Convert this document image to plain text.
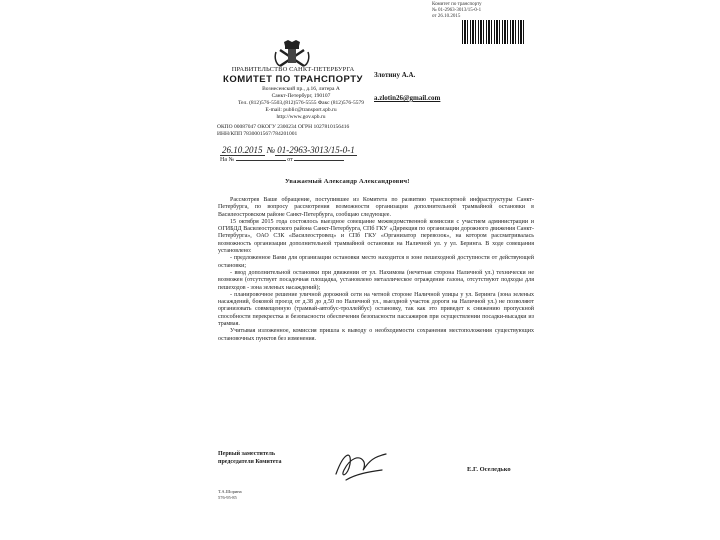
Комитет по транспорту
№ 01-2963-3013/15-0-1
от 26.10.2015
ПРАВИТЕЛЬСТВО САНКТ-ПЕТЕРБУРГА
КОМИТЕТ ПО ТРАНСПОРТУ
Вознесенский пр., д.16, литера А
Санкт-Петербург, 190107
Тел. (812)576-5503,(812)576-5555 Факс (812)576-5579
E-mail: public@transport.spb.ru
http://www.gov.spb.ru
ОКПО 00087047 ОКОГУ 2300234 ОГРН 1027810156416
ИНН/КПП 7830001567/784201001
26.10.2015 № 01-2963-3013/15-0-1
На №	от
Злотину А.А.
a.zlotin26@gmail.com
Уважаемый Александр Александрович!

Рассмотрев Ваше обращение, поступившее из Комитета по развитию транспортной инфраструктуры Санкт-Петербурга, по вопросу рассмотрения возможности организации дополнительной трамвайной остановки в Василеостровском районе Санкт-Петербурга, сообщаю следующее.

15 октября 2015 года состоялось выездное совещание межведомственной комиссии с участием администрации и ОГИБДД Василеостровского района Санкт-Петербурга, СПб ГКУ «Дирекция по организации дорожного движения Санкт-Петербурга», ОАО СЗК «Василеостровец» и СПб ГКУ «Организатор перевозок», на котором рассматривалась возможность организации дополнительной трамвайной остановки на Наличной ул. у ул. Беринга. В ходе совещания установлено:

- предложенное Вами для организации остановки место находится в зоне пешеходной доступности от действующей остановки;

- ввод дополнительной остановки при движении от ул. Нахимова (нечетная сторона Наличной ул.) технически не возможен (отсутствует посадочная площадка, установлено металлическое ограждение газона, отсутствуют подходы для пешеходов - зона зеленых насаждений);

- планировочное решение уличной дорожной сети на четной стороне Наличной улицы у ул. Беринга (зона зеленых насаждений, боковой проезд от д.38 до д.50 по Наличной ул., выездной участок дороги на Наличной ул.) не позволяют организовать совмещенную (трамвай-автобус-троллейбус) остановку, так как это приведет к снижению пропускной способности перекрестка и безопасности обеспечения безопасности пассажиров при осуществлении посадки-высадки из трамвая.

Учитывая изложенное, комиссия пришла к выводу о необходимости сохранения местоположения существующих остановочных пунктов без изменения.

Первый заместитель
председателя Комитета
Е.Г. Оселедько
Т.А.Шорина
576-95-85
